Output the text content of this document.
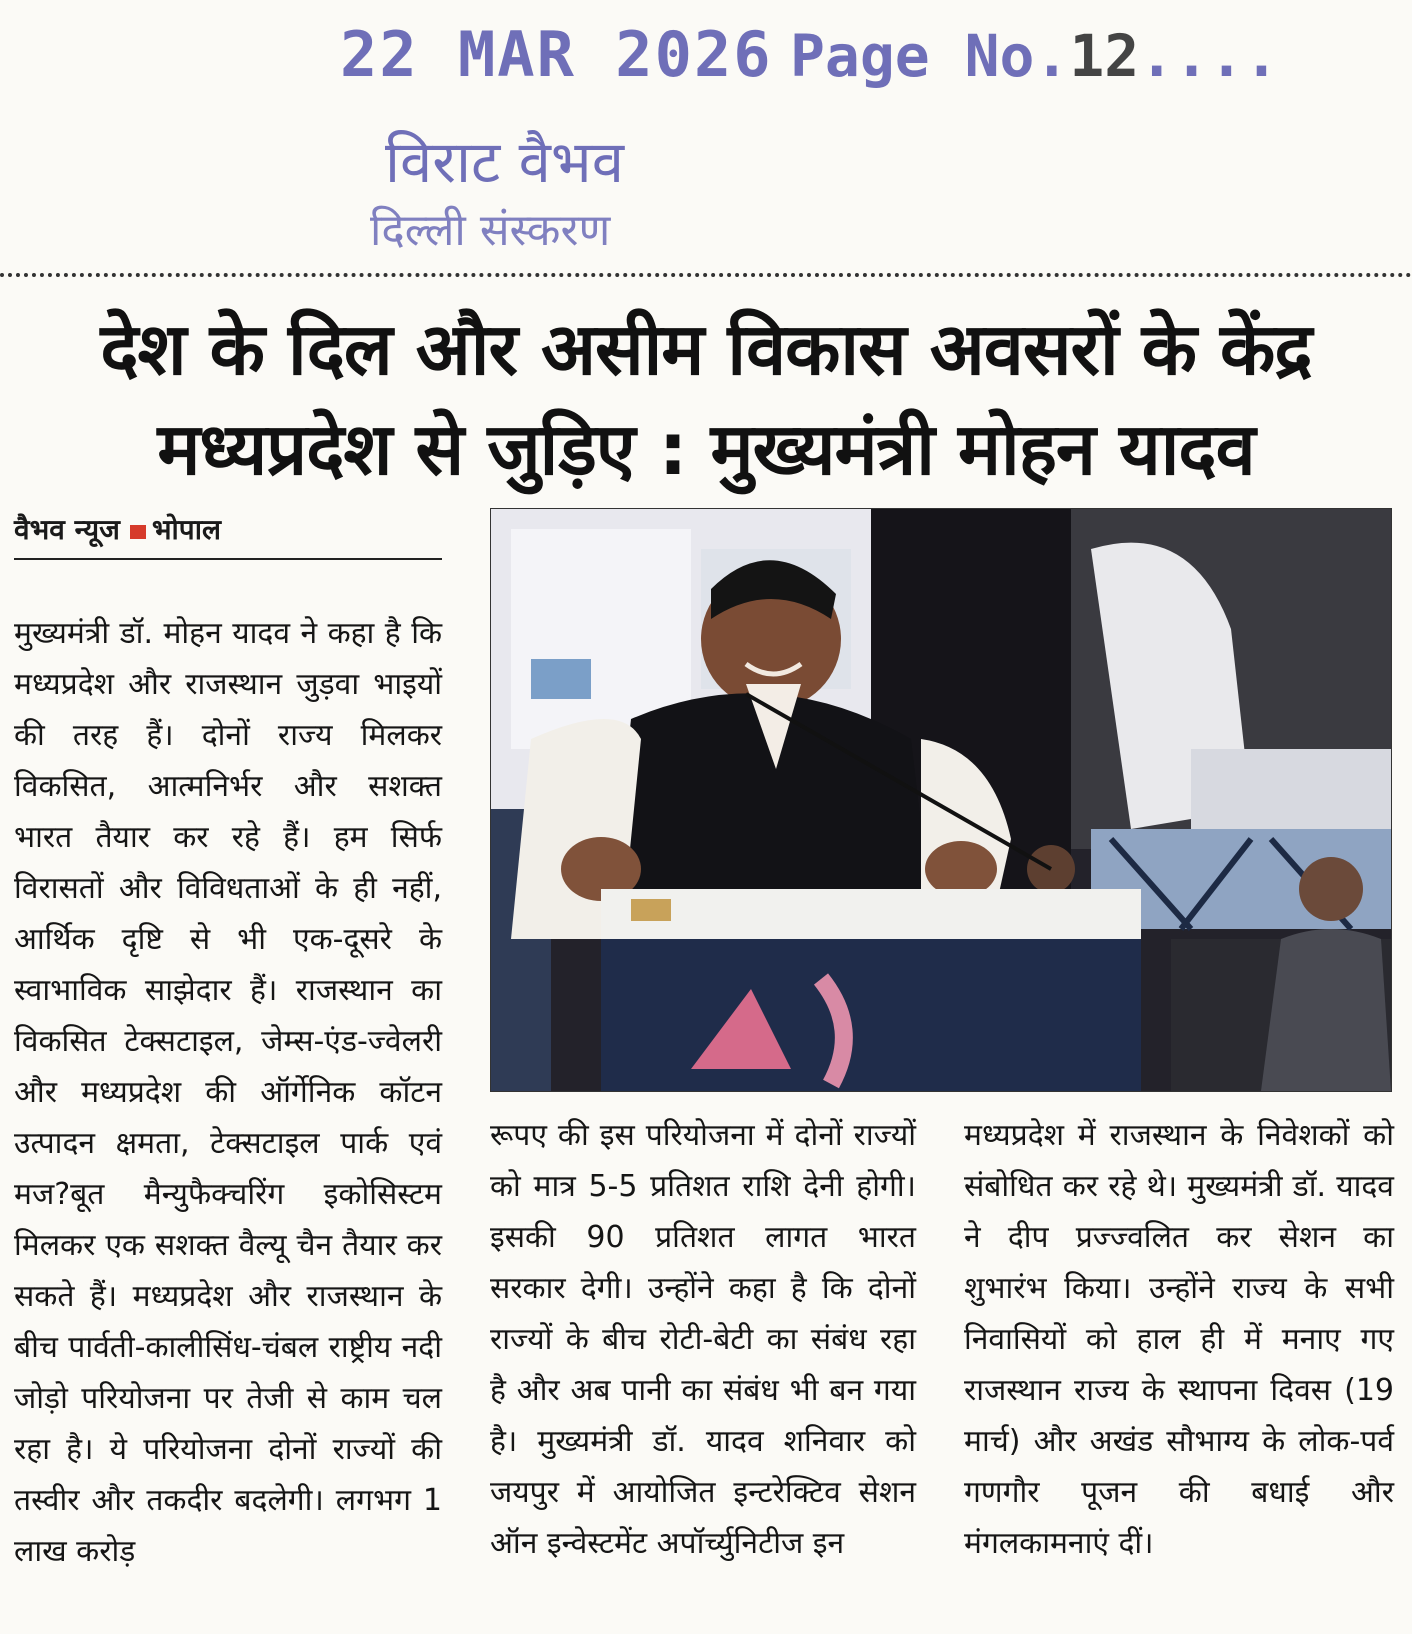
22 MAR 2026 Page No.12....
विराट वैभव
दिल्ली संस्करण
देश के दिल और असीम विकास अवसरों के केंद्र
मध्यप्रदेश से जुड़िए : मुख्यमंत्री मोहन यादव
वैभव न्यूज भोपाल
मुख्यमंत्री डॉ. मोहन यादव ने कहा है कि मध्यप्रदेश और राजस्थान जुड़वा भाइयों की तरह हैं। दोनों राज्य मिलकर विकसित, आत्मनिर्भर और सशक्त भारत तैयार कर रहे हैं। हम सिर्फ विरासतों और विविधताओं के ही नहीं, आर्थिक दृष्टि से भी एक-दूसरे के स्वाभाविक साझेदार हैं। राजस्थान का विकसित टेक्सटाइल, जेम्स-एंड-ज्वेलरी और मध्यप्रदेश की ऑर्गेनिक कॉटन उत्पादन क्षमता, टेक्सटाइल पार्क एवं मज?बूत मैन्युफैक्चरिंग इकोसिस्टम मिलकर एक सशक्त वैल्यू चैन तैयार कर सकते हैं। मध्यप्रदेश और राजस्थान के बीच पार्वती-कालीसिंध-चंबल राष्ट्रीय नदी जोड़ो परियोजना पर तेजी से काम चल रहा है। ये परियोजना दोनों राज्यों की तस्वीर और तकदीर बदलेगी। लगभग 1 लाख करोड़
रूपए की इस परियोजना में दोनों राज्यों को मात्र 5-5 प्रतिशत राशि देनी होगी। इसकी 90 प्रतिशत लागत भारत सरकार देगी। उन्होंने कहा है कि दोनों राज्यों के बीच रोटी-बेटी का संबंध रहा है और अब पानी का संबंध भी बन गया है। मुख्यमंत्री डॉ. यादव शनिवार को जयपुर में आयोजित इन्टरेक्टिव सेशन ऑन इन्वेस्टमेंट अपॉर्च्युनिटीज इन
मध्यप्रदेश में राजस्थान के निवेशकों को संबोधित कर रहे थे। मुख्यमंत्री डॉ. यादव ने दीप प्रज्ज्वलित कर सेशन का शुभारंभ किया। उन्होंने राज्य के सभी निवासियों को हाल ही में मनाए गए राजस्थान राज्य के स्थापना दिवस (19 मार्च) और अखंड सौभाग्य के लोक-पर्व गणगौर पूजन की बधाई और मंगलकामनाएं दीं।
